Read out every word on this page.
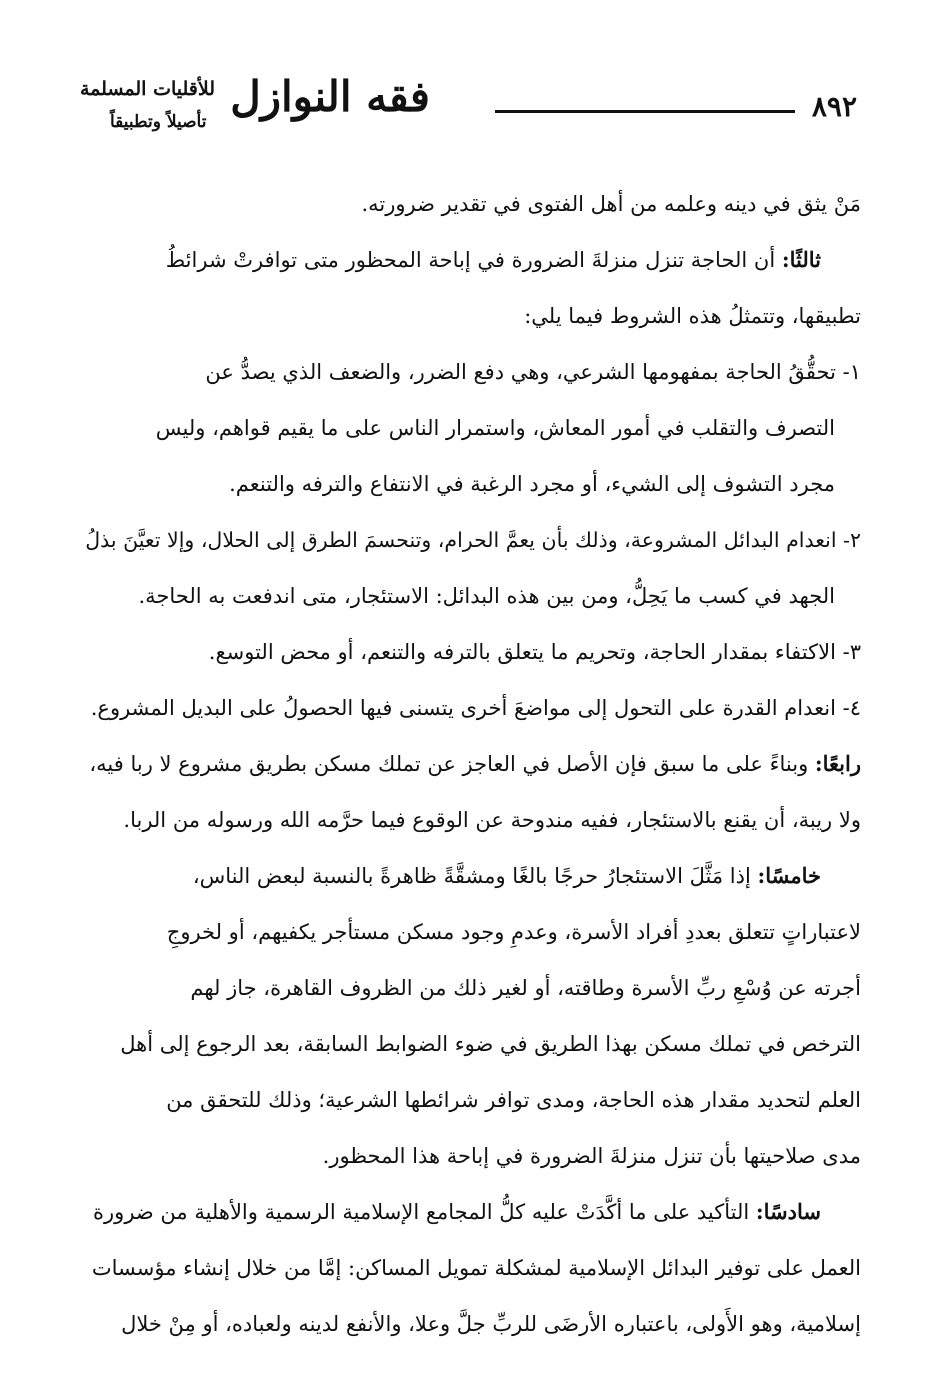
٨٩٢
فقه النوازل
للأقليات المسلمة
تأصيلاً وتطبيقاً
مَنْ يثق في دينه وعلمه من أهل الفتوى في تقدير ضرورته.
ثالثًا: أن الحاجة تنزل منزلةَ الضرورة في إباحة المحظور متى توافرتْ شرائطُ
تطبيقها، وتتمثلُ هذه الشروط فيما يلي:
١- تحقُّقُ الحاجة بمفهومها الشرعي، وهي دفع الضرر، والضعف الذي يصدُّ عن
التصرف والتقلب في أمور المعاش، واستمرار الناس على ما يقيم قواهم، وليس
مجرد التشوف إلى الشيء، أو مجرد الرغبة في الانتفاع والترفه والتنعم.
٢- انعدام البدائل المشروعة، وذلك بأن يعمَّ الحرام، وتنحسمَ الطرق إلى الحلال، وإلا تعيَّنَ بذلُ
الجهد في كسب ما يَحِلُّ، ومن بين هذه البدائل: الاستئجار، متى اندفعت به الحاجة.
٣- الاكتفاء بمقدار الحاجة، وتحريم ما يتعلق بالترفه والتنعم، أو محض التوسع.
٤- انعدام القدرة على التحول إلى مواضعَ أخرى يتسنى فيها الحصولُ على البديل المشروع.
رابعًا: وبناءً على ما سبق فإن الأصل في العاجز عن تملك مسكن بطريق مشروع لا ربا فيه،
ولا ريبة، أن يقنع بالاستئجار، ففيه مندوحة عن الوقوع فيما حرَّمه الله ورسوله من الربا.
خامسًا: إذا مَثَّلَ الاستئجارُ حرجًا بالغًا ومشقَّةً ظاهرةً بالنسبة لبعض الناس،
لاعتباراتٍ تتعلق بعددِ أفراد الأسرة، وعدمِ وجود مسكن مستأجر يكفيهم، أو لخروجِ
أجرته عن وُسْعِ ربِّ الأسرة وطاقته، أو لغير ذلك من الظروف القاهرة، جاز لهم
الترخص في تملك مسكن بهذا الطريق في ضوء الضوابط السابقة، بعد الرجوع إلى أهل
العلم لتحديد مقدار هذه الحاجة، ومدى توافر شرائطها الشرعية؛ وذلك للتحقق من
مدى صلاحيتها بأن تنزل منزلةَ الضرورة في إباحة هذا المحظور.
سادسًا: التأكيد على ما أكَّدَتْ عليه كلُّ المجامع الإسلامية الرسمية والأهلية من ضرورة
العمل على توفير البدائل الإسلامية لمشكلة تمويل المساكن: إمَّا من خلال إنشاء مؤسسات
إسلامية، وهو الأَولى، باعتباره الأرضَى للربِّ جلَّ وعلا، والأنفع لدينه ولعباده، أو مِنْ خلال
